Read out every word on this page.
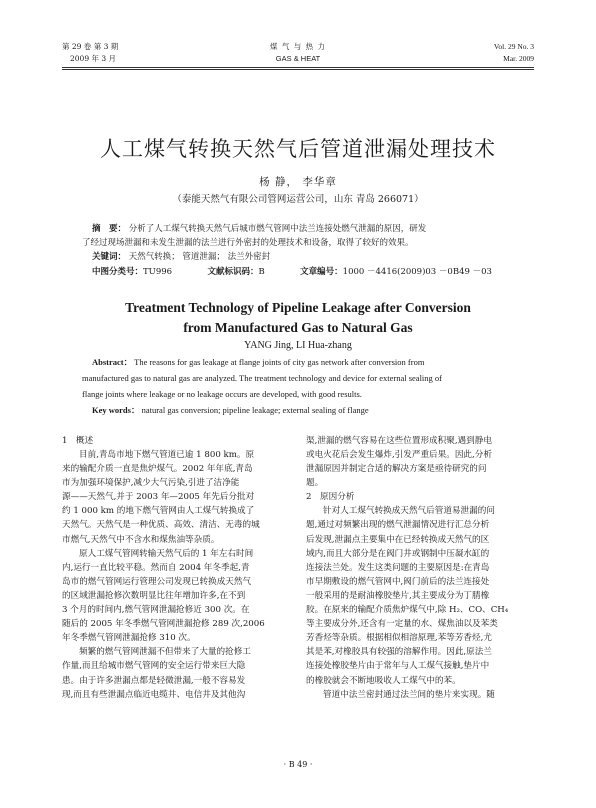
第 29 卷 第 3 期
2009 年 3 月
煤 气 与 热 力
GAS & HEAT
Vol. 29 No. 3
Mar. 2009
人工煤气转换天然气后管道泄漏处理技术
杨 静， 李华章
（泰能天然气有限公司管网运营公司，山东 青岛 266071）
摘　要： 分析了人工煤气转换天然气后城市燃气管网中法兰连接处燃气泄漏的原因，研发
了经过现场泄漏和未发生泄漏的法兰进行外密封的处理技术和设备，取得了较好的效果。
关键词： 天然气转换； 管道泄漏； 法兰外密封
中图分类号：TU996	文献标识码：B	文章编号：1000 －4416(2009)03 －0B49 －03
Treatment Technology of Pipeline Leakage after Conversion
from Manufactured Gas to Natural Gas
YANG Jing, LI Hua-zhang
Abstract： The reasons for gas leakage at flange joints of city gas network after conversion from
manufactured gas to natural gas are analyzed. The treatment technology and device for external sealing of
flange joints where leakage or no leakage occurs are developed, with good results.
Key words： natural gas conversion; pipeline leakage; external sealing of flange
1　概述
目前,青岛市地下燃气管道已逾 1 800 km。原
来的输配介质一直是焦炉煤气。2002 年年底,青岛
市为加强环境保护,减少大气污染,引进了洁净能
源——天然气,并于 2003 年—2005 年先后分批对
约 1 000 km 的地下燃气管网由人工煤气转换成了
天然气。天然气是一种优质、高效、清洁、无毒的城
市燃气,天然气中不含水和煤焦油等杂质。
原人工煤气管网转输天然气后的 1 年左右时间
内,运行一直比较平稳。然而自 2004 年冬季起,青
岛市的燃气管网运行管理公司发现已转换成天然气
的区域泄漏抢修次数明显比往年增加许多,在不到
3 个月的时间内,燃气管网泄漏抢修近 300 次。在
随后的 2005 年冬季燃气管网泄漏抢修 289 次,2006
年冬季燃气管网泄漏抢修 310 次。
频繁的燃气管网泄漏不但带来了大量的抢修工
作量,而且给城市燃气管网的安全运行带来巨大隐
患。由于许多泄漏点都是轻微泄漏,一般不容易发
现,而且有些泄漏点临近电缆井、电信井及其他沟
渠,泄漏的燃气容易在这些位置形成积聚,遇到静电
或电火花后会发生爆炸,引发严重后果。因此,分析
泄漏原因并制定合适的解决方案是亟待研究的问
题。
2　原因分析
针对人工煤气转换成天然气后管道易泄漏的问
题,通过对频繁出现的燃气泄漏情况进行汇总分析
后发现,泄漏点主要集中在已经转换成天然气的区
域内,而且大部分是在阀门井或钢制中压凝水缸的
连接法兰处。发生这类问题的主要原因是:在青岛
市早期敷设的燃气管网中,阀门前后的法兰连接处
一般采用的是耐油橡胶垫片,其主要成分为丁腈橡
胶。在原来的输配介质焦炉煤气中,除 H₂、CO、CH₄
等主要成分外,还含有一定量的水、煤焦油以及苯类
芳香烃等杂质。根据相似相溶原理,苯等芳香烃,尤
其是苯,对橡胶具有较强的溶解作用。因此,原法兰
连接处橡胶垫片由于常年与人工煤气接触,垫片中
的橡胶就会不断地吸收人工煤气中的苯。
管道中法兰密封通过法兰间的垫片来实现。随
· B 49 ·
